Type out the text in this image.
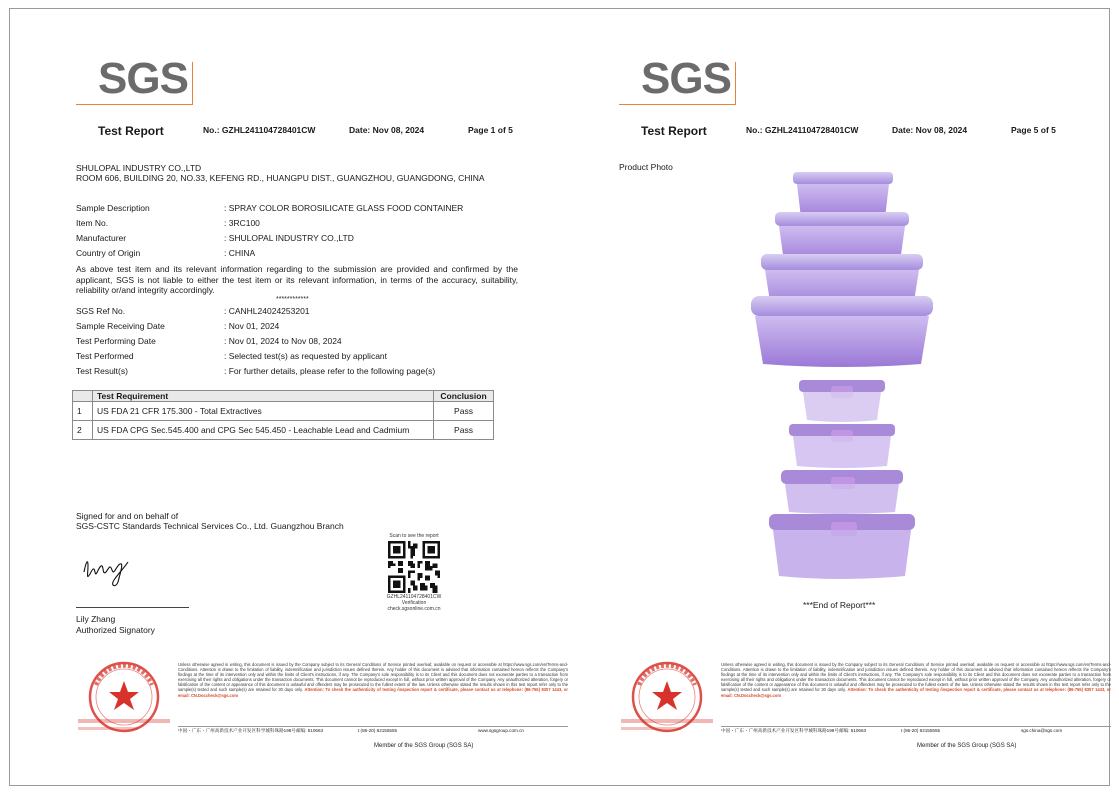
SGS
Test Report	No.: GZHL241104728401CW	Date: Nov 08, 2024	Page 1 of 5
SHULOPAL INDUSTRY CO.,LTD
ROOM 606, BUILDING 20, NO.33, KEFENG RD., HUANGPU DIST., GUANGZHOU, GUANGDONG, CHINA
Sample Description	: SPRAY COLOR BOROSILICATE GLASS FOOD CONTAINER
Item No.	: 3RC100
Manufacturer	: SHULOPAL INDUSTRY CO.,LTD
Country of Origin	: CHINA
As above test item and its relevant information regarding to the submission are provided and confirmed by the applicant, SGS is not liable to either the test item or its relevant information, in terms of the accuracy, suitability, reliability or/and integrity accordingly.
************
SGS Ref No.	: CANHL24024253201
Sample Receiving Date	: Nov 01, 2024
Test Performing Date	: Nov 01, 2024 to Nov 08, 2024
Test Performed	: Selected test(s) as requested by applicant
Test Result(s)	: For further details, please refer to the following page(s)
	Test Requirement	Conclusion
1	US FDA 21 CFR 175.300 - Total Extractives	Pass
2	US FDA CPG Sec.545.400 and CPG Sec 545.450 - Leachable Lead and Cadmium	Pass
Signed for and on behalf of
SGS-CSTC Standards Technical Services Co., Ltd. Guangzhou Branch
Lily Zhang
Authorized Signatory
Scan to see the report
GZHL241104728401CW
Verification
check.sgsonline.com.cn
Unless otherwise agreed in writing, this document is issued by the Company subject to its General Conditions of Service printed overleaf, available on request or accessible at https://www.sgs.com/en/Terms-and-Conditions. Attention is drawn to the limitation of liability, indemnification and jurisdiction issues defined therein. Any holder of this document is advised that information contained hereon reflects the Company's findings at the time of its intervention only and within the limits of Client's instructions, if any. The Company's sole responsibility is to its Client and this document does not exonerate parties to a transaction from exercising all their rights and obligations under the transaction documents. This document cannot be reproduced except in full, without prior written approval of the Company. Any unauthorized alteration, forgery or falsification of the content or appearance of this document is unlawful and offenders may be prosecuted to the fullest extent of the law. Unless otherwise stated the results shown in this test report refer only to the sample(s) tested and such sample(s) are retained for 30 days only. Attention: To check the authenticity of testing /inspection report & certificate, please contact us at telephone: (86-755) 8307 1443, or email: CN.Doccheck@sgs.com
中国・广东・广州高新技术产业开发区科学城科珠路198号 邮编: 510663	t (86-20) 82155555	www.sgsgroup.com.cn
Member of the SGS Group (SGS SA)
SGS
Test Report	No.: GZHL241104728401CW	Date: Nov 08, 2024	Page 5 of 5
Product Photo
***End of Report***
Unless otherwise agreed in writing, this document is issued by the Company subject to its General Conditions of Service printed overleaf, available on request or accessible at https://www.sgs.com/en/Terms-and-Conditions. Attention is drawn to the limitation of liability, indemnification and jurisdiction issues defined therein. Any holder of this document is advised that information contained hereon reflects the Company's findings at the time of its intervention only and within the limits of Client's instructions, if any. The Company's sole responsibility is to its Client and this document does not exonerate parties to a transaction from exercising all their rights and obligations under the transaction documents. This document cannot be reproduced except in full, without prior written approval of the Company. Any unauthorized alteration, forgery or falsification of the content or appearance of this document is unlawful and offenders may be prosecuted to the fullest extent of the law. Unless otherwise stated the results shown in this test report refer only to the sample(s) tested and such sample(s) are retained for 30 days only. Attention: To check the authenticity of testing /inspection report & certificate, please contact us at telephone: (86-755) 8307 1443, or email: CN.Doccheck@sgs.com
中国・广东・广州高新技术产业开发区科学城科珠路198号 邮编: 510663	t (86-20) 82155555	sgs.china@sgs.com
Member of the SGS Group (SGS SA)
